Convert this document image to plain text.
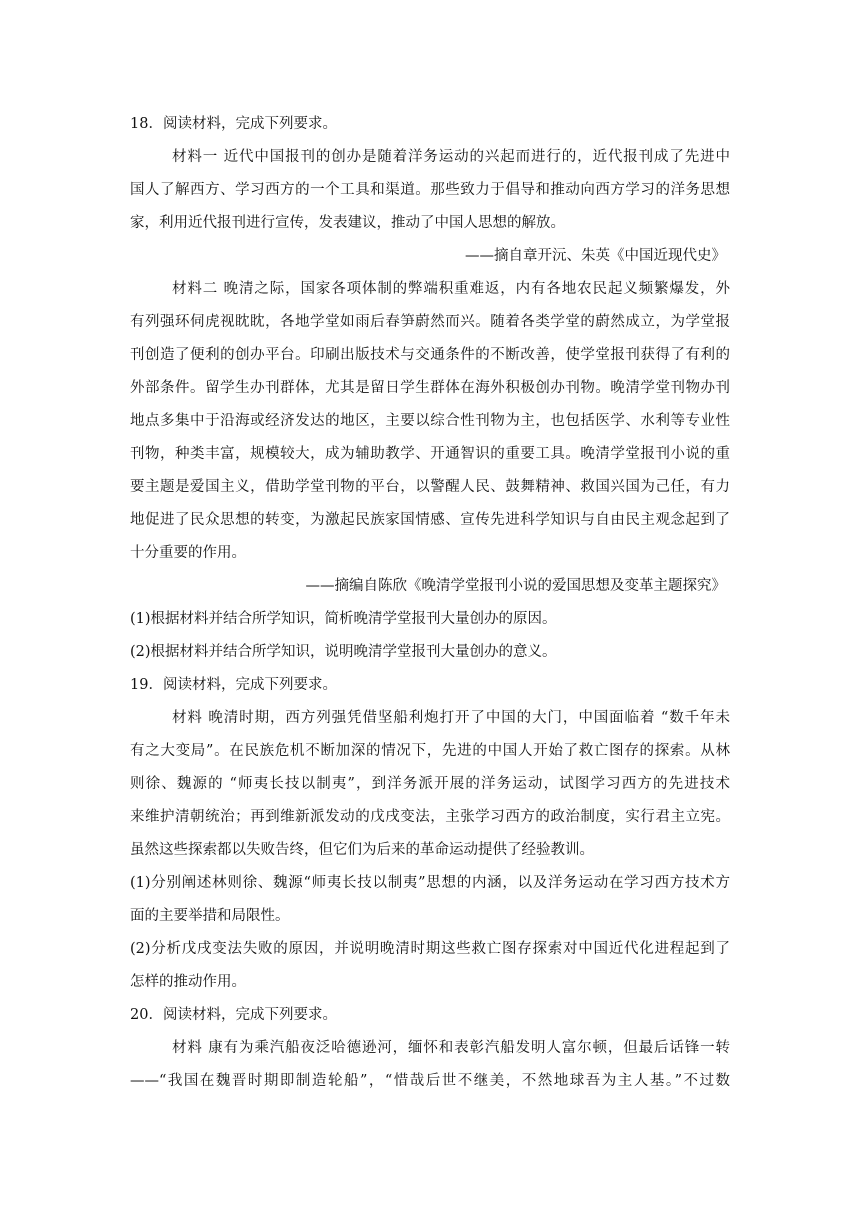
18．阅读材料，完成下列要求。
材料一 近代中国报刊的创办是随着洋务运动的兴起而进行的，近代报刊成了先进中
国人了解西方、学习西方的一个工具和渠道。那些致力于倡导和推动向西方学习的洋务思想
家，利用近代报刊进行宣传，发表建议，推动了中国人思想的解放。
——摘自章开沅、朱英《中国近现代史》
材料二 晚清之际，国家各项体制的弊端积重难返，内有各地农民起义频繁爆发，外
有列强环伺虎视眈眈，各地学堂如雨后春笋蔚然而兴。随着各类学堂的蔚然成立，为学堂报
刊创造了便利的创办平台。印刷出版技术与交通条件的不断改善，使学堂报刊获得了有利的
外部条件。留学生办刊群体，尤其是留日学生群体在海外积极创办刊物。晚清学堂刊物办刊
地点多集中于沿海或经济发达的地区，主要以综合性刊物为主，也包括医学、水利等专业性
刊物，种类丰富，规模较大，成为辅助教学、开通智识的重要工具。晚清学堂报刊小说的重
要主题是爱国主义，借助学堂刊物的平台，以警醒人民、鼓舞精神、救国兴国为己任，有力
地促进了民众思想的转变，为激起民族家国情感、宣传先进科学知识与自由民主观念起到了
十分重要的作用。
——摘编自陈欣《晚清学堂报刊小说的爱国思想及变革主题探究》
(1)根据材料并结合所学知识，简析晚清学堂报刊大量创办的原因。
(2)根据材料并结合所学知识，说明晚清学堂报刊大量创办的意义。
19．阅读材料，完成下列要求。
材料 晚清时期，西方列强凭借坚船利炮打开了中国的大门，中国面临着 “数千年未
有之大变局”。在民族危机不断加深的情况下，先进的中国人开始了救亡图存的探索。从林
则徐、魏源的 “师夷长技以制夷”，到洋务派开展的洋务运动，试图学习西方的先进技术
来维护清朝统治；再到维新派发动的戊戌变法，主张学习西方的政治制度，实行君主立宪。
虽然这些探索都以失败告终，但它们为后来的革命运动提供了经验教训。
(1)分别阐述林则徐、魏源“师夷长技以制夷”思想的内涵，以及洋务运动在学习西方技术方
面的主要举措和局限性。
(2)分析戊戌变法失败的原因，并说明晚清时期这些救亡图存探索对中国近代化进程起到了
怎样的推动作用。
20．阅读材料，完成下列要求。
材料 康有为乘汽船夜泛哈德逊河，缅怀和表彰汽船发明人富尔顿，但最后话锋一转
——“我国在魏晋时期即制造轮船”，“惜哉后世不继美，不然地球吾为主人基。”不过数
